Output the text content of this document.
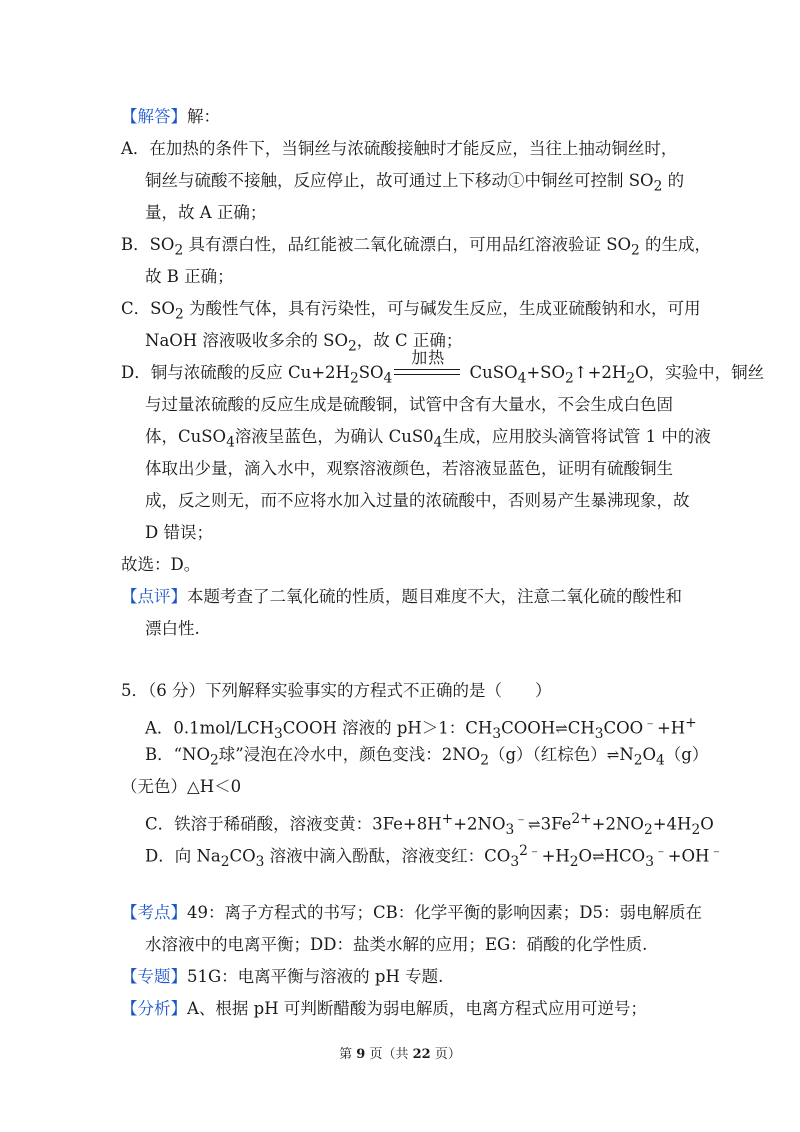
【解答】解：
A．在加热的条件下，当铜丝与浓硫酸接触时才能反应，当往上抽动铜丝时，
铜丝与硫酸不接触，反应停止，故可通过上下移动①中铜丝可控制 $SO_2$ 的
量，故 A 正确；
B．$SO_2$ 具有漂白性，品红能被二氧化硫漂白，可用品红溶液验证 $SO_2$ 的生成，
故 B 正确；
C．$SO_2$ 为酸性气体，具有污染性，可与碱发生反应，生成亚硫酸钠和水，可用
NaOH 溶液吸收多余的 $SO_2$，故 C 正确；
D．铜与浓硫酸的反应 $Cu+2H_2SO_4$
加热
$CuSO_4+SO_2↑+2H_2O$，实验中，铜丝
与过量浓硫酸的反应生成是硫酸铜，试管中含有大量水，不会生成白色固
体，CuSO$_4$溶液呈蓝色，为确认 $CuS0_4$生成，应用胶头滴管将试管 1 中的液
体取出少量，滴入水中，观察溶液颜色，若溶液显蓝色，证明有硫酸铜生
成，反之则无，而不应将水加入过量的浓硫酸中，否则易产生暴沸现象，故
D 错误；
故选：D。
【点评】本题考查了二氧化硫的性质，题目难度不大，注意二氧化硫的酸性和
漂白性.
5．（6 分）下列解释实验事实的方程式不正确的是（　　）
A．$0.1mol/LCH_3COOH$ 溶液的 pH＞1：$CH_3COOH\rightleftharpoons CH_3COO^﹣+H^+$
B．“$NO_2$球”浸泡在冷水中，颜色变浅：$2NO_2(g)$（红棕色）$\rightleftharpoons N_2O_4(g)$
（无色）△H＜0
C．铁溶于稀硝酸，溶液变黄：$3Fe+8H^++2NO_3^﹣\rightleftharpoons 3Fe^{2+}+2NO_2+4H_2O$
D．向 $Na_2CO_3$ 溶液中滴入酚酞，溶液变红：$CO_3^{2﹣}+H_2O\rightleftharpoons HCO_3^﹣+OH^﹣$
【考点】49：离子方程式的书写；CB：化学平衡的影响因素；D5：弱电解质在
水溶液中的电离平衡；DD：盐类水解的应用；EG：硝酸的化学性质.
【专题】51G：电离平衡与溶液的 pH 专题.
【分析】A、根据 pH 可判断醋酸为弱电解质，电离方程式应用可逆号；
第 9 页（共 22 页）
